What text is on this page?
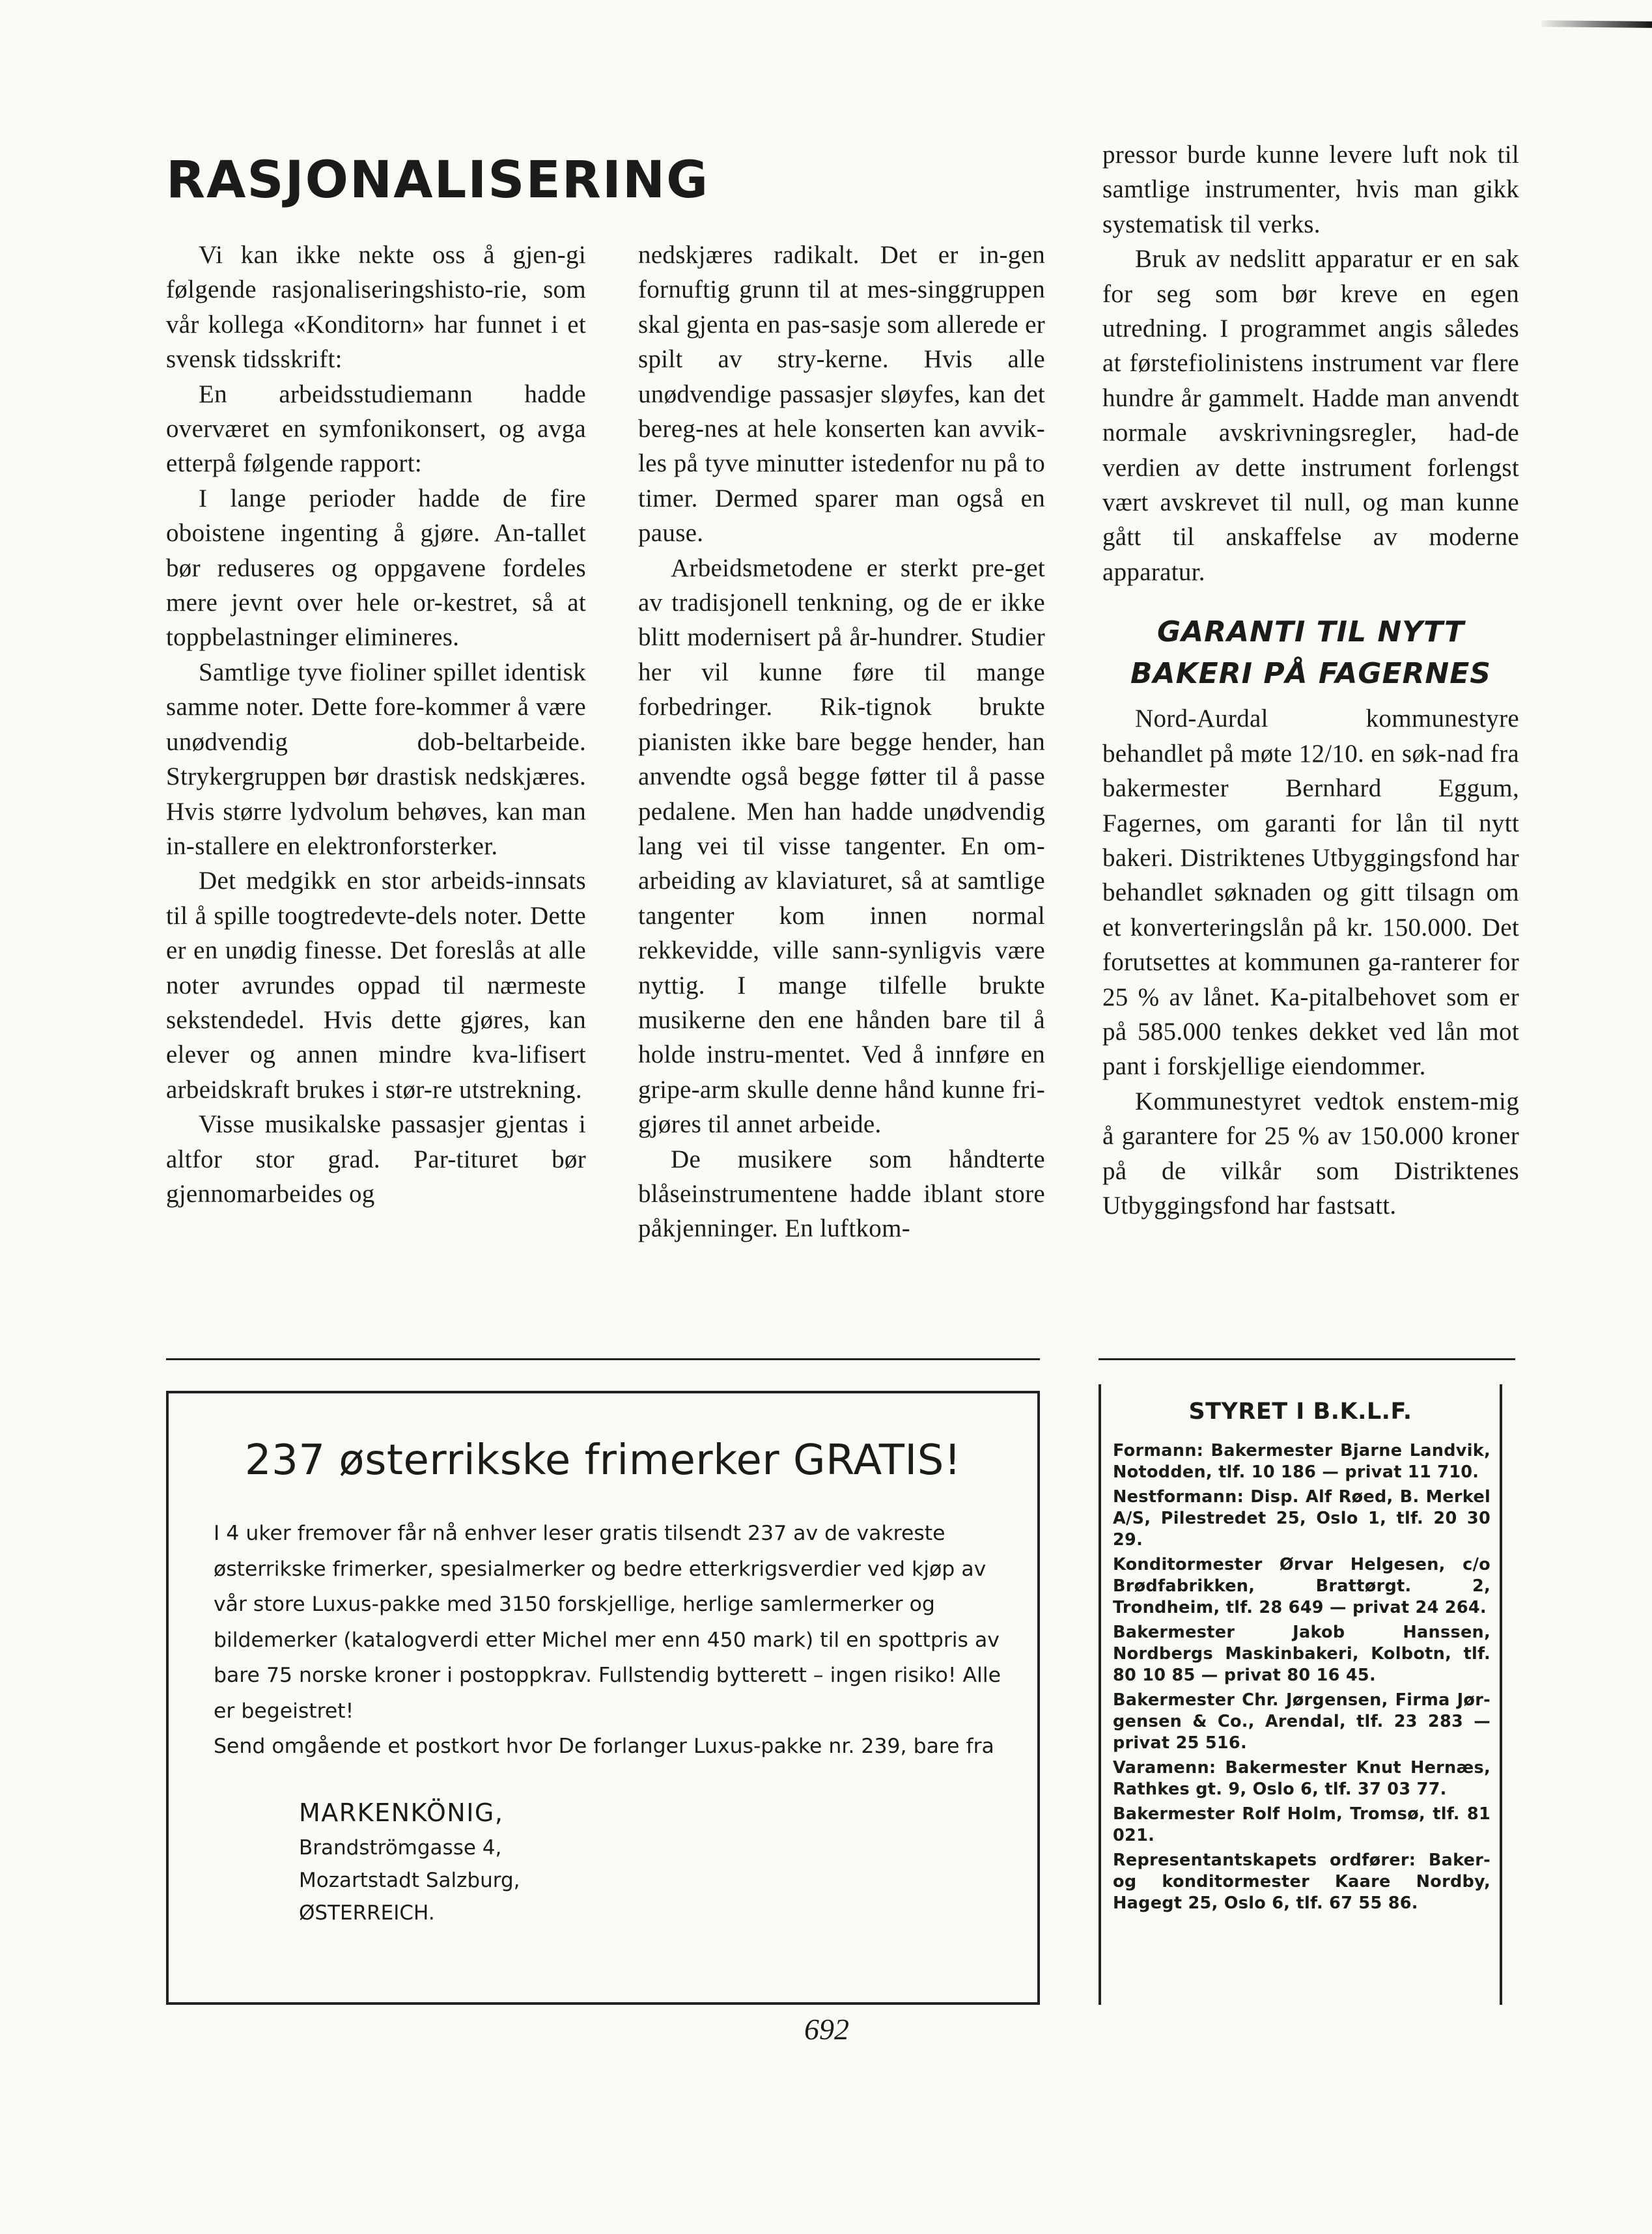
RASJONALISERING

Vi kan ikke nekte oss å gjen-gi følgende rasjonaliseringshisto-rie, som vår kollega «Konditorn» har funnet i et svensk tidsskrift:

En arbeidsstudiemann hadde overværet en symfonikonsert, og avga etterpå følgende rapport:

I lange perioder hadde de fire oboistene ingenting å gjøre. An-tallet bør reduseres og oppgavene fordeles mere jevnt over hele or-kestret, så at toppbelastninger elimineres.

Samtlige tyve fioliner spillet identisk samme noter. Dette fore-kommer å være unødvendig dob-beltarbeide. Strykergruppen bør drastisk nedskjæres. Hvis større lydvolum behøves, kan man in-stallere en elektronforsterker.

Det medgikk en stor arbeids-innsats til å spille toogtredevte-dels noter. Dette er en unødig finesse. Det foreslås at alle noter avrundes oppad til nærmeste sekstendedel. Hvis dette gjøres, kan elever og annen mindre kva-lifisert arbeidskraft brukes i stør-re utstrekning.

Visse musikalske passasjer gjentas i altfor stor grad. Par-tituret bør gjennomarbeides og

nedskjæres radikalt. Det er in-gen fornuftig grunn til at mes-singgruppen skal gjenta en pas-sasje som allerede er spilt av stry-kerne. Hvis alle unødvendige passasjer sløyfes, kan det bereg-nes at hele konserten kan avvik-les på tyve minutter istedenfor nu på to timer. Dermed sparer man også en pause.

Arbeidsmetodene er sterkt pre-get av tradisjonell tenkning, og de er ikke blitt modernisert på år-hundrer. Studier her vil kunne føre til mange forbedringer. Rik-tignok brukte pianisten ikke bare begge hender, han anvendte også begge føtter til å passe pedalene. Men han hadde unødvendig lang vei til visse tangenter. En om-arbeiding av klaviaturet, så at samtlige tangenter kom innen normal rekkevidde, ville sann-synligvis være nyttig. I mange tilfelle brukte musikerne den ene hånden bare til å holde instru-mentet. Ved å innføre en gripe-arm skulle denne hånd kunne fri-gjøres til annet arbeide.

De musikere som håndterte blåseinstrumentene hadde iblant store påkjenninger. En luftkom-

pressor burde kunne levere luft nok til samtlige instrumenter, hvis man gikk systematisk til verks.

Bruk av nedslitt apparatur er en sak for seg som bør kreve en egen utredning. I programmet angis således at førstefiolinistens instrument var flere hundre år gammelt. Hadde man anvendt normale avskrivningsregler, had-de verdien av dette instrument forlengst vært avskrevet til null, og man kunne gått til anskaffelse av moderne apparatur.

GARANTI TIL NYTT
BAKERI PÅ FAGERNES

Nord-Aurdal kommunestyre behandlet på møte 12/10. en søk-nad fra bakermester Bernhard Eggum, Fagernes, om garanti for lån til nytt bakeri. Distriktenes Utbyggingsfond har behandlet søknaden og gitt tilsagn om et konverteringslån på kr. 150.000. Det forutsettes at kommunen ga-ranterer for 25 % av lånet. Ka-pitalbehovet som er på 585.000 tenkes dekket ved lån mot pant i forskjellige eiendommer.

Kommunestyret vedtok enstem-mig å garantere for 25 % av 150.000 kroner på de vilkår som Distriktenes Utbyggingsfond har fastsatt.

237 østerrikske frimerker GRATIS!

I 4 uker fremover får nå enhver leser gratis tilsendt 237 av de vakreste østerrikske frimerker, spesialmerker og bedre etterkrigsverdier ved kjøp av vår store Luxus-pakke med 3150 forskjellige, herlige samlermerker og bildemerker (katalogverdi etter Michel mer enn 450 mark) til en spottpris av bare 75 norske kroner i postoppkrav. Fullstendig bytterett – ingen risiko! Alle er begeistret!

Send omgående et postkort hvor De forlanger Luxus-pakke nr. 239, bare fra

MARKENKÖNIG,
Brandströmgasse 4,
Mozartstadt Salzburg,
ØSTERREICH.
STYRET I B.K.L.F.

Formann: Bakermester Bjarne Landvik, Notodden, tlf. 10 186 — privat 11 710.

Nestformann: Disp. Alf Røed, B. Merkel A/S, Pilestredet 25, Oslo 1, tlf. 20 30 29.

Konditormester Ørvar Helgesen, c/o Brødfabrikken, Brattørgt. 2, Trondheim, tlf. 28 649 — privat 24 264.

Bakermester Jakob Hanssen, Nordbergs Maskinbakeri, Kolbotn, tlf. 80 10 85 — privat 80 16 45.

Bakermester Chr. Jørgensen, Firma Jør-gensen & Co., Arendal, tlf. 23 283 — privat 25 516.

Varamenn: Bakermester Knut Hernæs, Rathkes gt. 9, Oslo 6, tlf. 37 03 77.

Bakermester Rolf Holm, Tromsø, tlf. 81 021.

Representantskapets ordfører: Baker- og konditormester Kaare Nordby, Hagegt 25, Oslo 6, tlf. 67 55 86.

692
